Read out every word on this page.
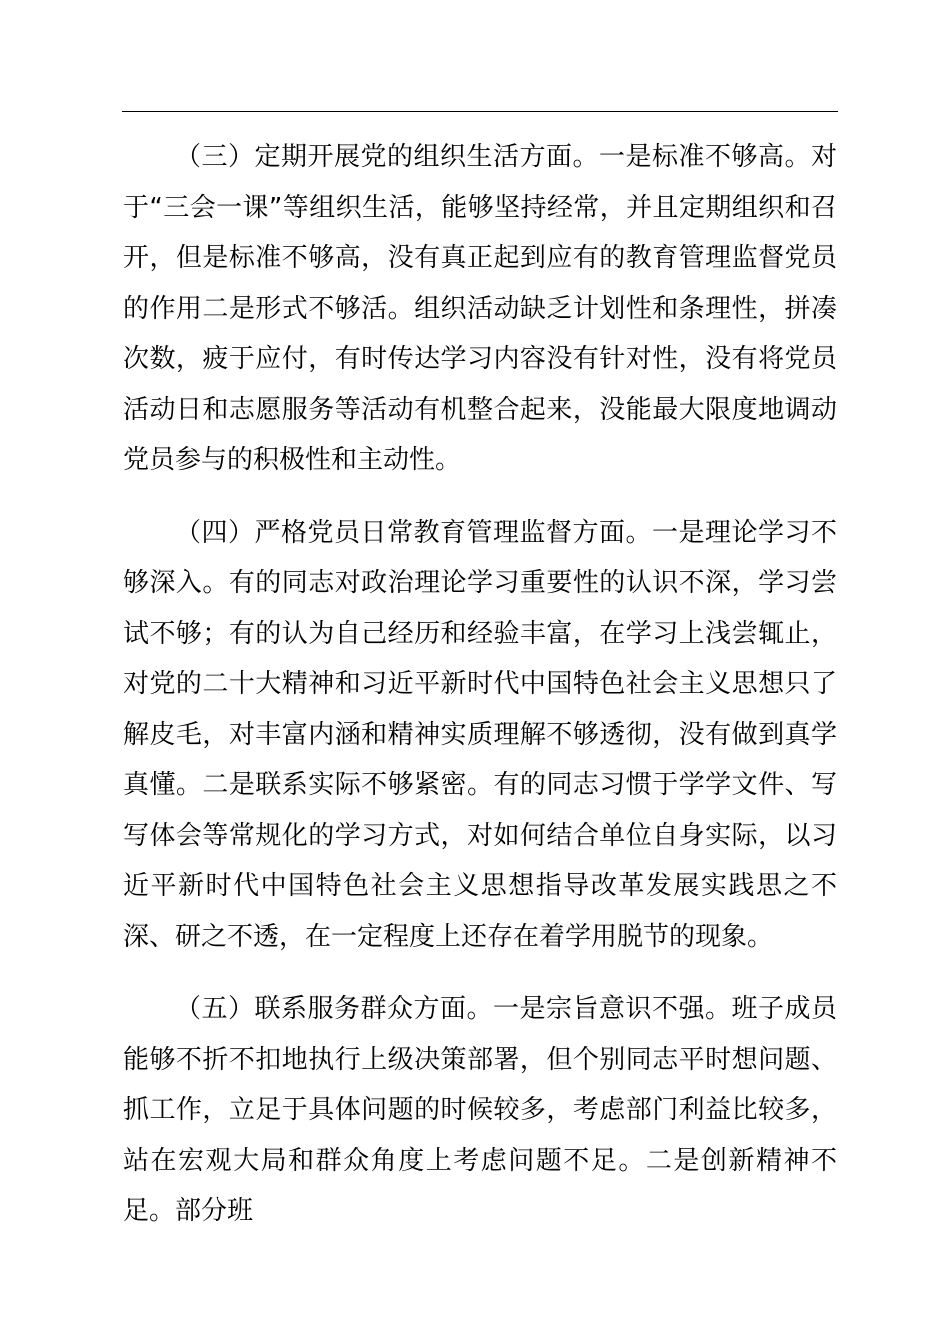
（三）定期开展党的组织生活方面。一是标准不够高。对于“三会一课”等组织生活，能够坚持经常，并且定期组织和召开，但是标准不够高，没有真正起到应有的教育管理监督党员的作用二是形式不够活。组织活动缺乏计划性和条理性，拼凑次数，疲于应付，有时传达学习内容没有针对性，没有将党员活动日和志愿服务等活动有机整合起来，没能最大限度地调动党员参与的积极性和主动性。

（四）严格党员日常教育管理监督方面。一是理论学习不够深入。有的同志对政治理论学习重要性的认识不深，学习尝试不够；有的认为自己经历和经验丰富，在学习上浅尝辄止，对党的二十大精神和习近平新时代中国特色社会主义思想只了解皮毛，对丰富内涵和精神实质理解不够透彻，没有做到真学真懂。二是联系实际不够紧密。有的同志习惯于学学文件、写写体会等常规化的学习方式，对如何结合单位自身实际，以习近平新时代中国特色社会主义思想指导改革发展实践思之不深、研之不透，在一定程度上还存在着学用脱节的现象。

（五）联系服务群众方面。一是宗旨意识不强。班子成员能够不折不扣地执行上级决策部署，但个别同志平时想问题、抓工作，立足于具体问题的时候较多，考虑部门利益比较多，站在宏观大局和群众角度上考虑问题不足。二是创新精神不足。部分班
